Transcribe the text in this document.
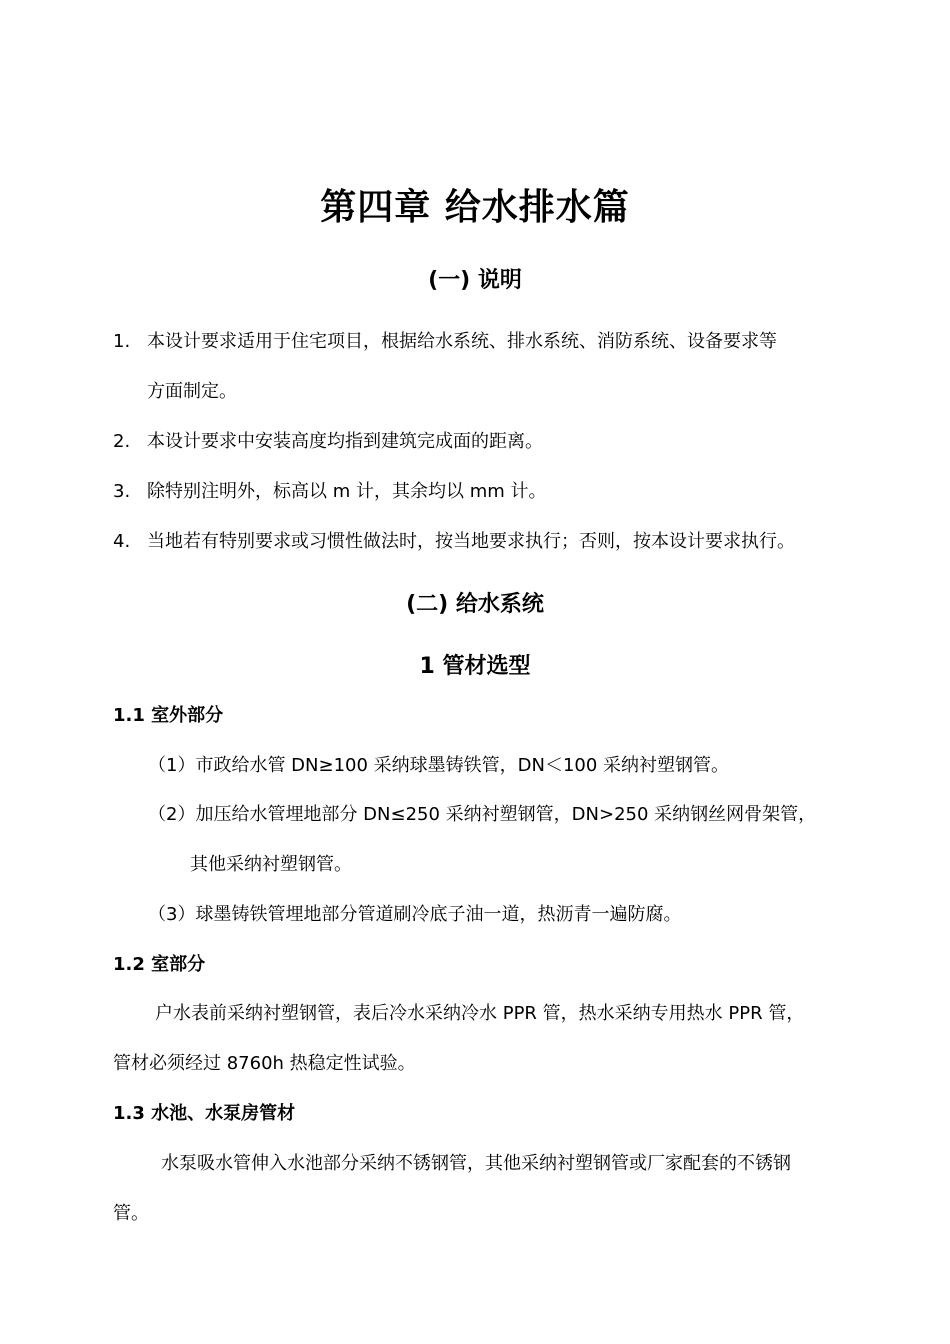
第四章 给水排水篇
(一) 说明
1. 本设计要求适用于住宅项目，根据给水系统、排水系统、消防系统、设备要求等
方面制定。
2. 本设计要求中安装高度均指到建筑完成面的距离。
3. 除特别注明外，标高以 m 计，其余均以 mm 计。
4. 当地若有特别要求或习惯性做法时，按当地要求执行；否则，按本设计要求执行。
(二) 给水系统
1 管材选型
1.1 室外部分
（1）市政给水管 DN≥100 采纳球墨铸铁管，DN＜100 采纳衬塑钢管。
（2）加压给水管埋地部分 DN≤250 采纳衬塑钢管，DN>250 采纳钢丝网骨架管，
其他采纳衬塑钢管。
（3）球墨铸铁管埋地部分管道刷冷底子油一道，热沥青一遍防腐。
1.2 室部分
户水表前采纳衬塑钢管，表后冷水采纳冷水 PPR 管，热水采纳专用热水 PPR 管，
管材必须经过 8760h 热稳定性试验。
1.3 水池、水泵房管材
水泵吸水管伸入水池部分采纳不锈钢管，其他采纳衬塑钢管或厂家配套的不锈钢
管。
